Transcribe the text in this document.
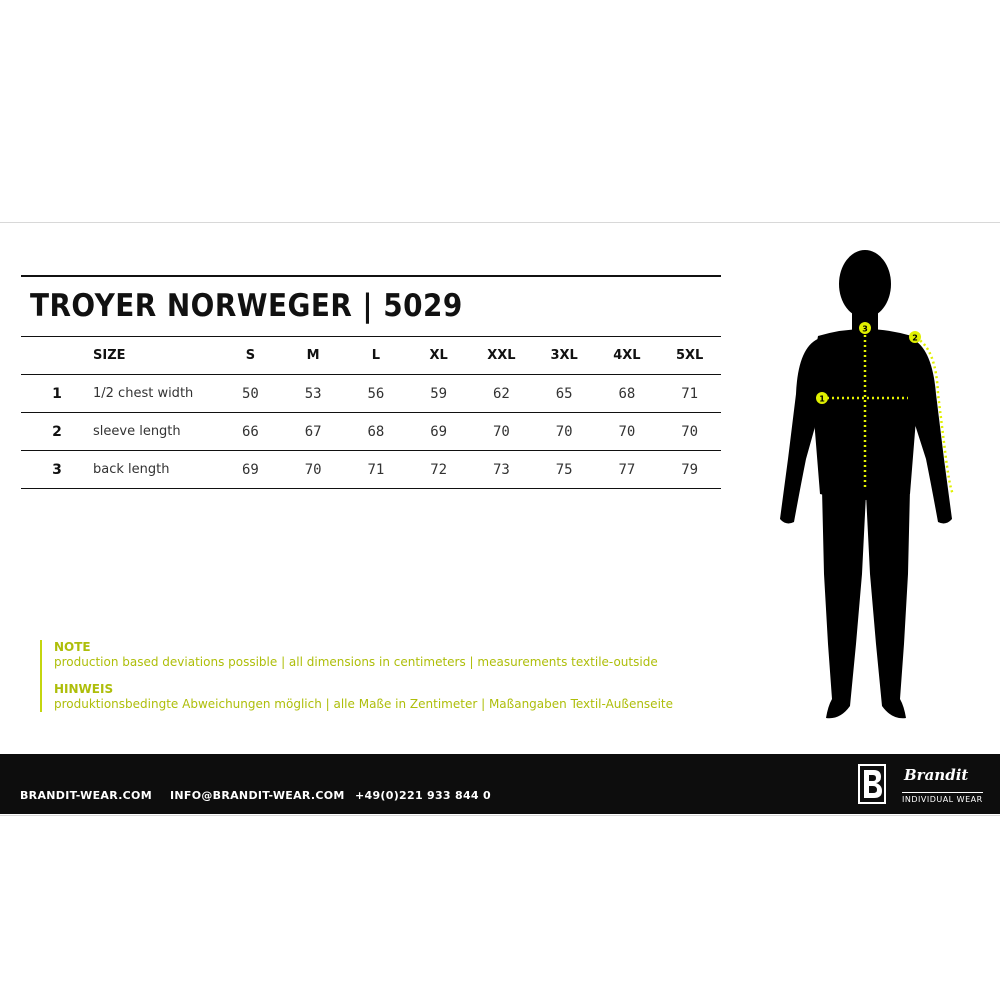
TROYER NORWEGER | 5029
	SIZE	S	M	L	XL	XXL	3XL	4XL	5XL
1	1/2 chest width	50	53	56	59	62	65	68	71
2	sleeve length	66	67	68	69	70	70	70	70
3	back length	69	70	71	72	73	75	77	79
NOTE
production based deviations possible | all dimensions in centimeters | measurements textile-outside
HINWEIS
produktionsbedingte Abweichungen möglich | alle Maße in Zentimeter | Maßangaben Textil-Außenseite
1
2
3
BRANDIT-WEAR.COM INFO@BRANDIT-WEAR.COM +49(0)221 933 844 0
Brandit
INDIVIDUAL WEAR
